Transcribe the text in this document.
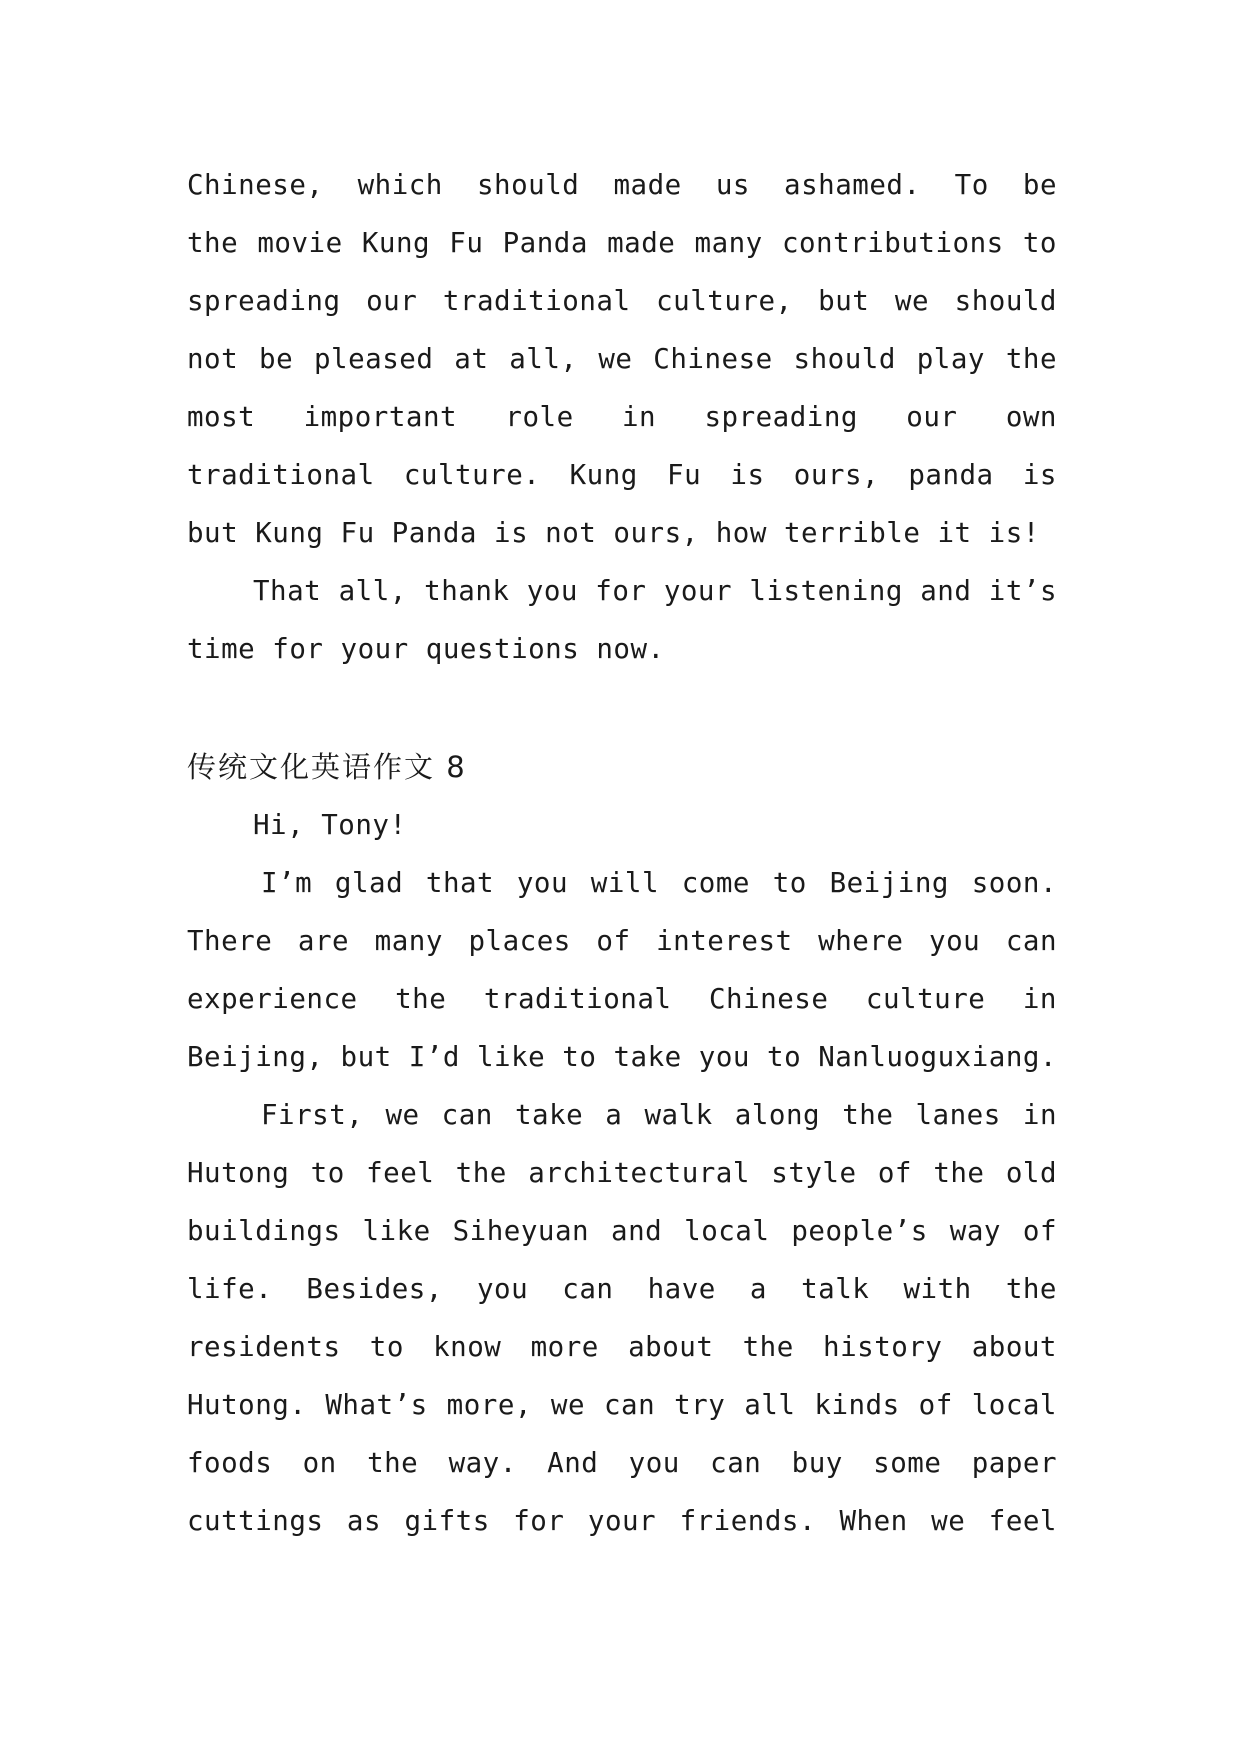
Chinese, which should made us ashamed. To be
the movie Kung Fu Panda made many contributions to
spreading our traditional culture, but we should
not be pleased at all, we Chinese should play the
most important role in spreading our own
traditional culture. Kung Fu is ours, panda is
but Kung Fu Panda is not ours, how terrible it is!
That all, thank you for your listening and it’s
time for your questions now.
传统文化英语作文 8
Hi, Tony!
I’m glad that you will come to Beijing soon.
There are many places of interest where you can
experience the traditional Chinese culture in
Beijing, but I’d like to take you to Nanluoguxiang.
First, we can take a walk along the lanes in
Hutong to feel the architectural style of the old
buildings like Siheyuan and local people’s way of
life. Besides, you can have a talk with the
residents to know more about the history about
Hutong. What’s more, we can try all kinds of local
foods on the way. And you can buy some paper
cuttings as gifts for your friends. When we feel
